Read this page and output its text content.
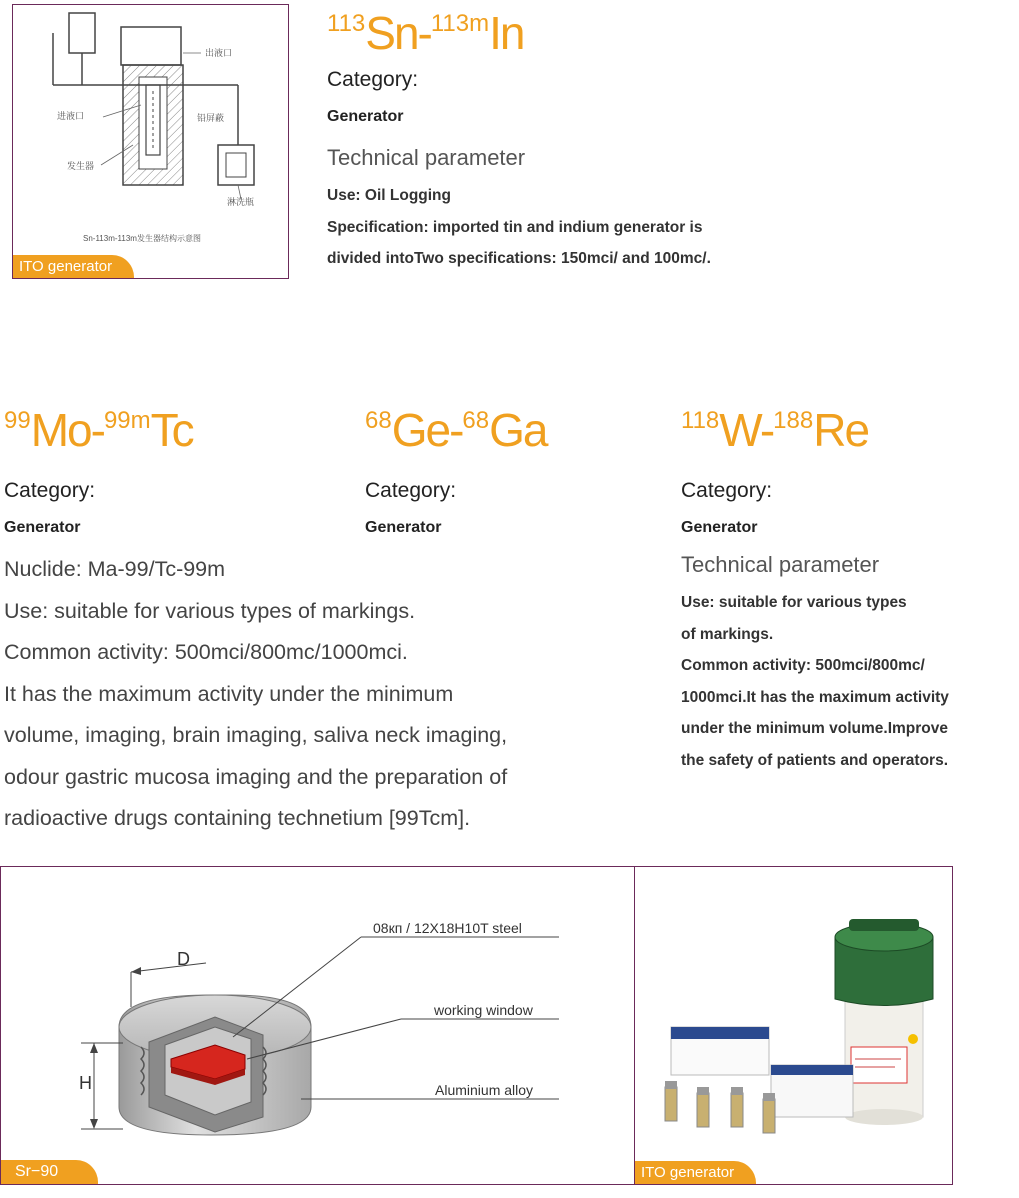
出液口
进液口
发生器
铅屏蔽
淋洗瓶
Sn-113m-113m发生器结构示意图
ITO generator
$^{113}$Sn-$^{113m}$In
Category:
Generator
Technical parameter
Use: Oil Logging
Specification: imported tin and indium generator is
divided intoTwo specifications: 150mci/ and 100mc/.
$^{99}$Mo-$^{99m}$Tc
Category:
Generator
Nuclide: Ma-99/Tc-99m
Use: suitable for various types of markings.
Common activity: 500mci/800mc/1000mci.
It has the maximum activity under the minimum
volume, imaging, brain imaging, saliva neck imaging,
odour gastric mucosa imaging and the preparation of
radioactive drugs containing technetium [99Tcm].
$^{68}$Ge-$^{68}$Ga
Category:
Generator
$^{118}$W-$^{188}$Re
Category:
Generator
Technical parameter
Use: suitable for various types
of markings.
Common activity: 500mci/800mc/
1000mci.It has the maximum activity
under the minimum volume.Improve
the safety of patients and operators.
D
H
08кп / 12X18H10T steel
working window
Aluminium alloy
Sr−90	ITO generator
